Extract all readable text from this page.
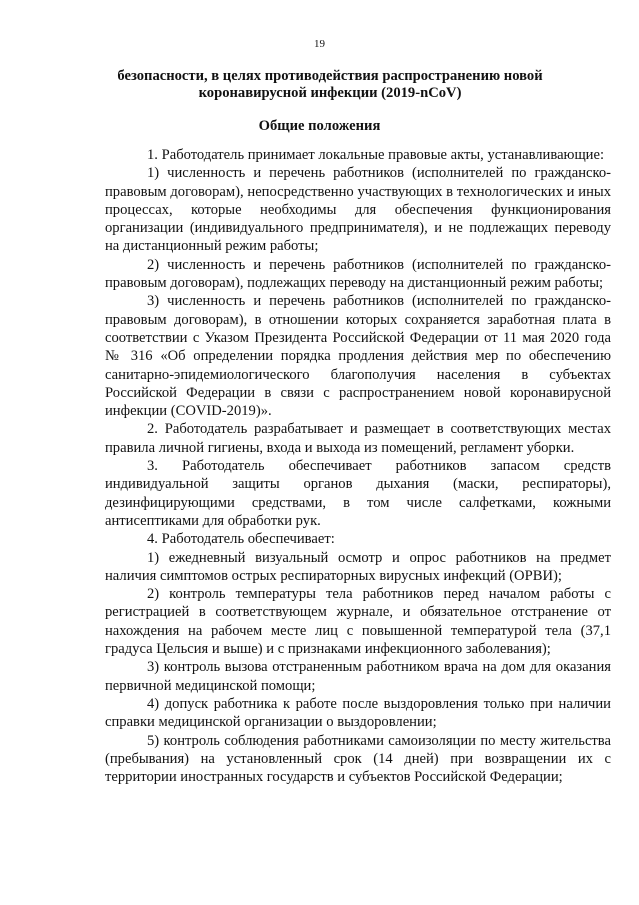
19
безопасности, в целях противодействия распространению новой коронавирусной инфекции (2019-nCoV)
Общие положения

1. Работодатель принимает локальные правовые акты, устанавливающие:

1) численность и перечень работников (исполнителей по гражданско-правовым договорам), непосредственно участвующих в технологических и иных процессах, которые необходимы для обеспечения функционирования организации (индивидуального предпринимателя), и не подлежащих переводу на дистанционный режим работы;

2) численность и перечень работников (исполнителей по гражданско-правовым договорам), подлежащих переводу на дистанционный режим работы;

3) численность и перечень работников (исполнителей по гражданско-правовым договорам), в отношении которых сохраняется заработная плата в соответствии с Указом Президента Российской Федерации от 11 мая 2020 года № 316 «Об определении порядка продления действия мер по обеспечению санитарно-эпидемиологического благополучия населения в субъектах Российской Федерации в связи с распространением новой коронавирусной инфекции (COVID-2019)».

2. Работодатель разрабатывает и размещает в соответствующих местах правила личной гигиены, входа и выхода из помещений, регламент уборки.

3. Работодатель обеспечивает работников запасом средств индивидуальной защиты органов дыхания (маски, респираторы), дезинфицирующими средствами, в том числе салфетками, кожными антисептиками для обработки рук.

4. Работодатель обеспечивает:

1) ежедневный визуальный осмотр и опрос работников на предмет наличия симптомов острых респираторных вирусных инфекций (ОРВИ);

2) контроль температуры тела работников перед началом работы с регистрацией в соответствующем журнале, и обязательное отстранение от нахождения на рабочем месте лиц с повышенной температурой тела (37,1 градуса Цельсия и выше) и с признаками инфекционного заболевания);

3) контроль вызова отстраненным работником врача на дом для оказания первичной медицинской помощи;

4) допуск работника к работе после выздоровления только при наличии справки медицинской организации о выздоровлении;

5) контроль соблюдения работниками самоизоляции по месту жительства (пребывания) на установленный срок (14 дней) при возвращении их с территории иностранных государств и субъектов Российской Федерации;
